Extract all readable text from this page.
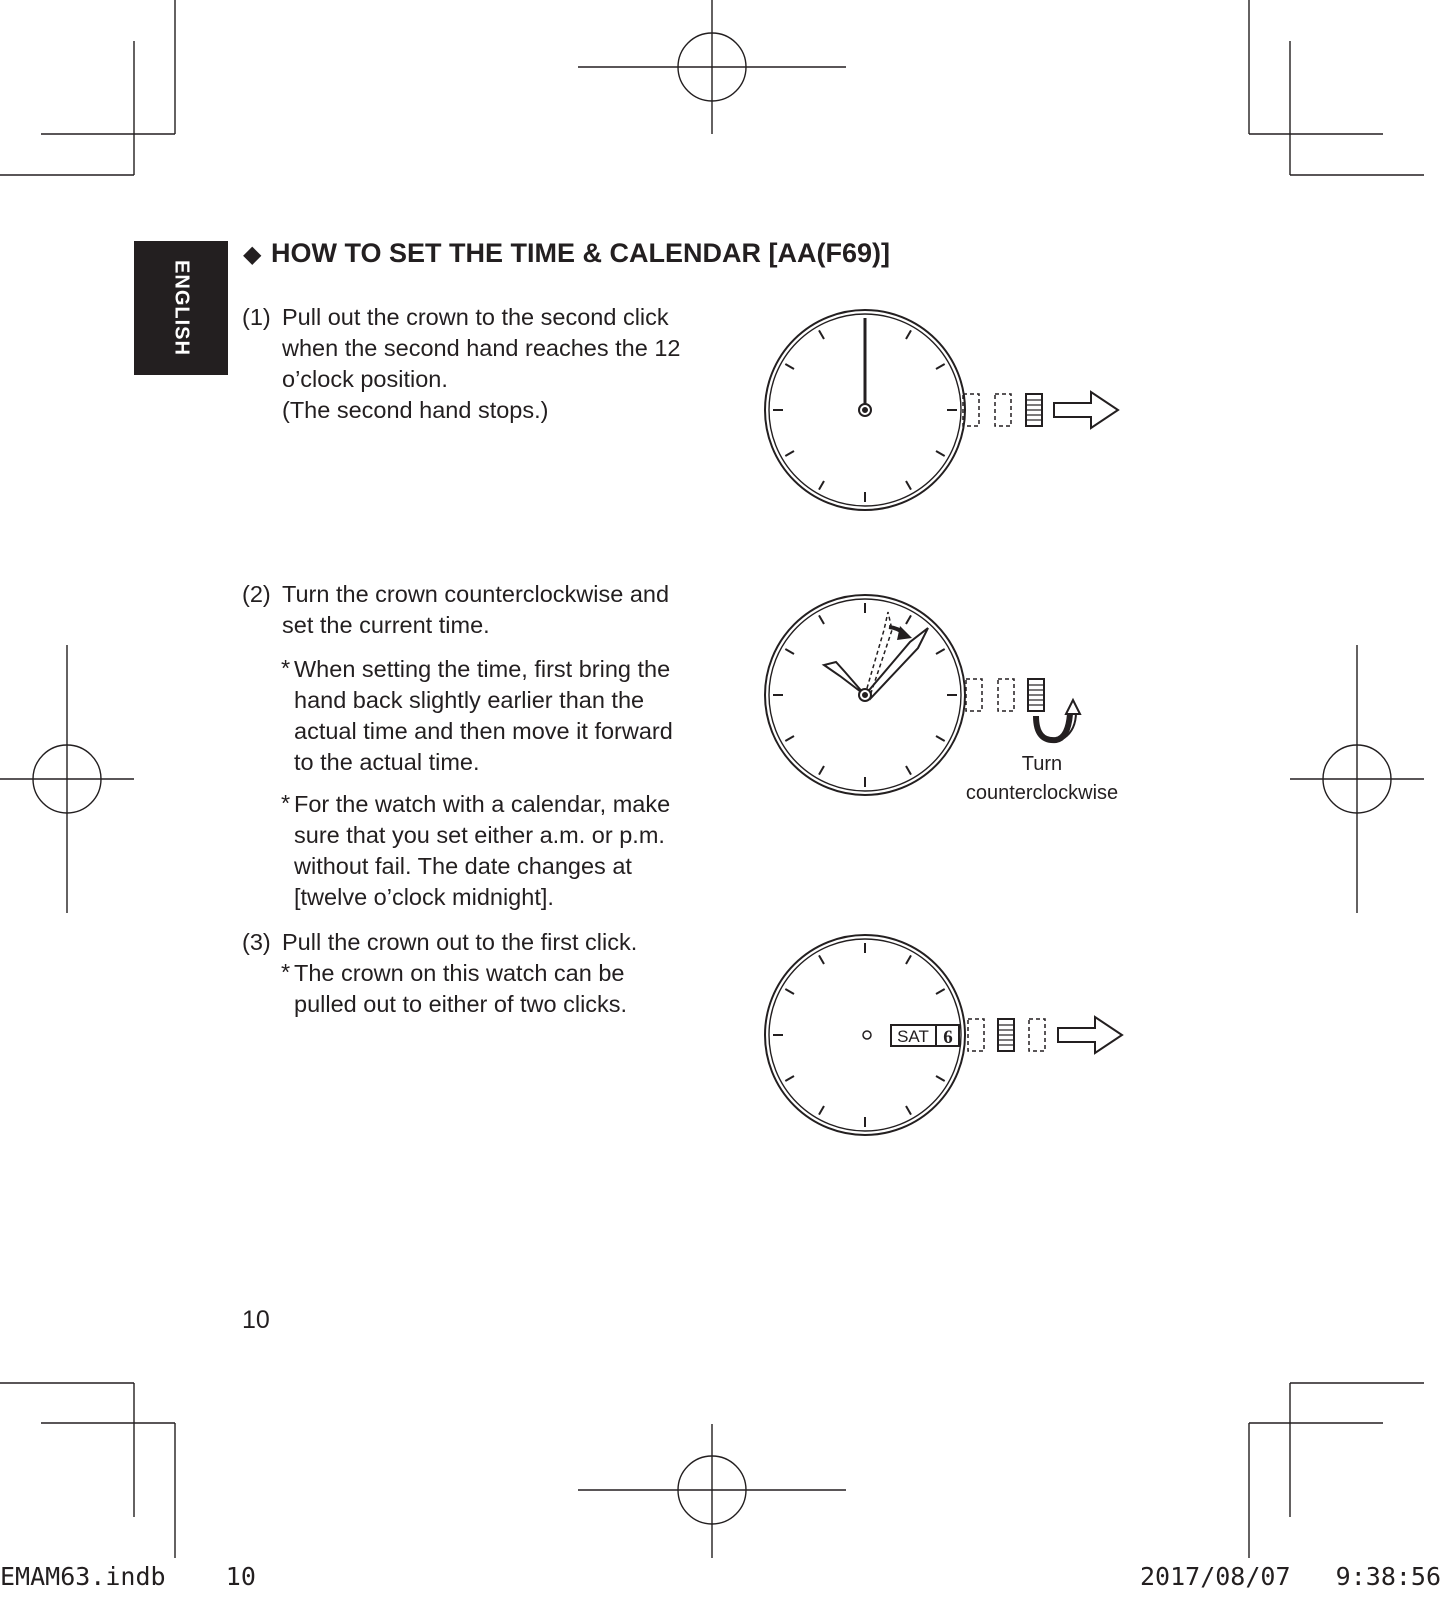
ENGLISH
◆ HOW TO SET THE TIME & CALENDAR [AA(F69)]
(1) Pull out the crown to the second click
when the second hand reaches the 12
o’clock position.
(The second hand stops.)
(2) Turn the crown counterclockwise and
set the current time.
* When setting the time, first bring the
hand back slightly earlier than the
actual time and then move it forward
to the actual time.
* For the watch with a calendar, make
sure that you set either a.m. or p.m.
without fail. The date changes at
[twelve o’clock midnight].
(3) Pull the crown out to the first click.
* The crown on this watch can be
pulled out to either of two clicks.
Turn
counterclockwise
SAT 6
10
EMAM63.indb 10	2017/08/07 9:38:56
